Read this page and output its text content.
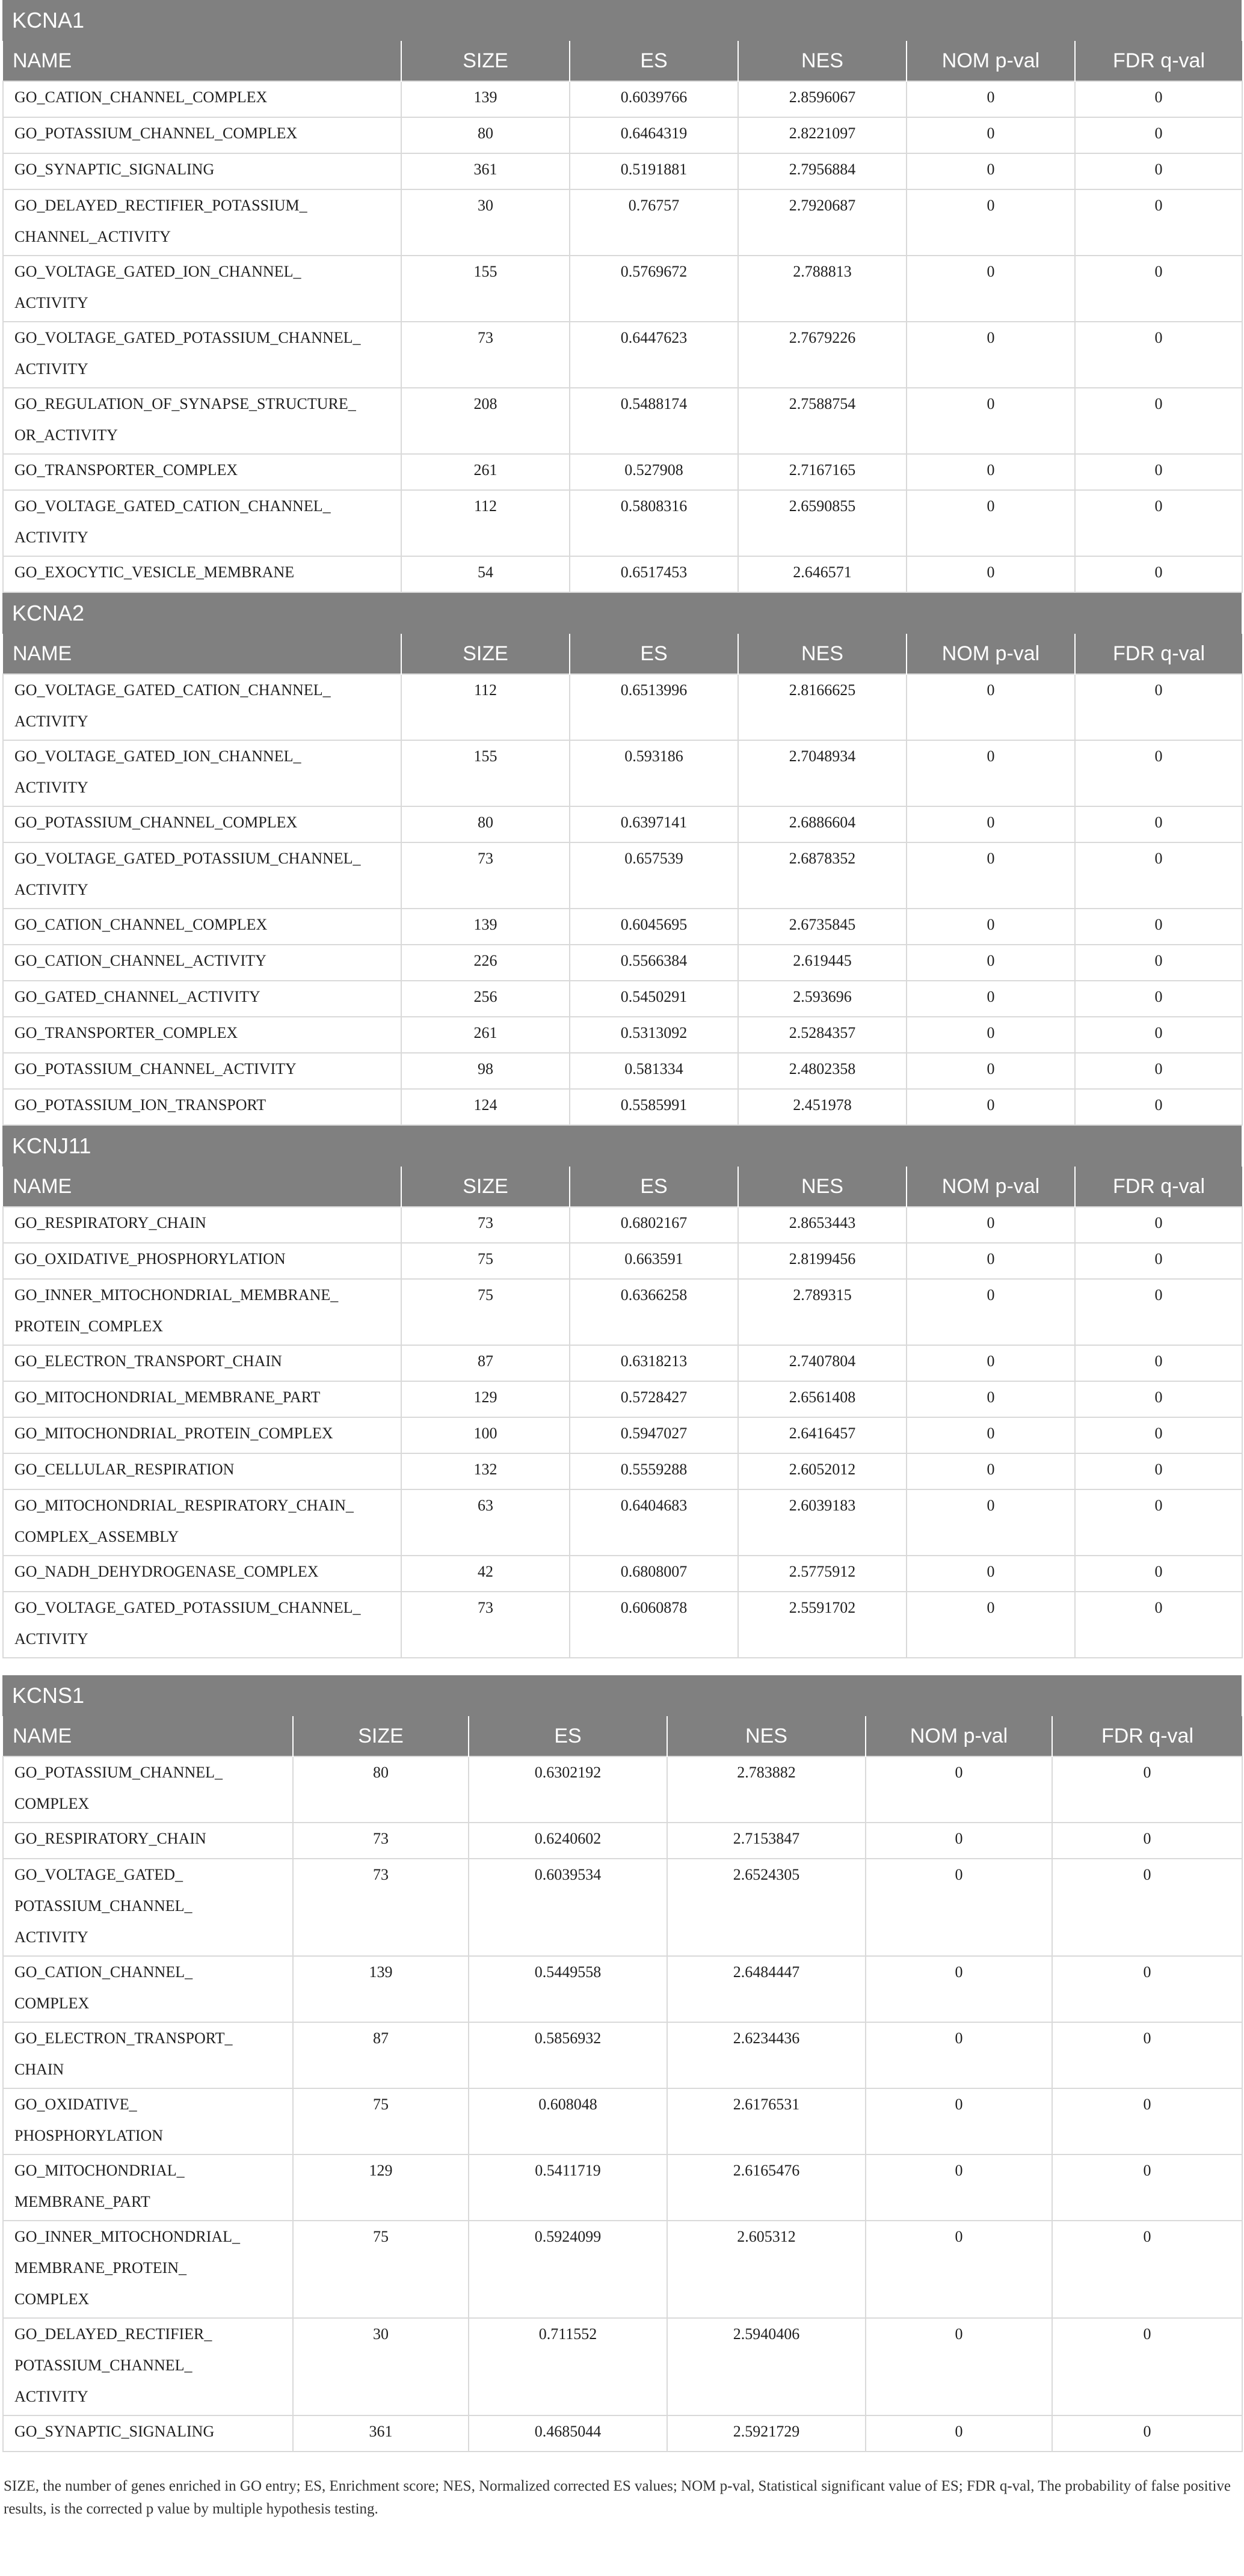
KCNA1
NAME	SIZE	ES	NES	NOM p-val	FDR q-val
GO_CATION_CHANNEL_COMPLEX	139	0.6039766	2.8596067	0	0
GO_POTASSIUM_CHANNEL_COMPLEX	80	0.6464319	2.8221097	0	0
GO_SYNAPTIC_SIGNALING	361	0.5191881	2.7956884	0	0
GO_DELAYED_RECTIFIER_POTASSIUM_
CHANNEL_ACTIVITY	30	0.76757	2.7920687	0	0
GO_VOLTAGE_GATED_ION_CHANNEL_
ACTIVITY	155	0.5769672	2.788813	0	0
GO_VOLTAGE_GATED_POTASSIUM_CHANNEL_
ACTIVITY	73	0.6447623	2.7679226	0	0
GO_REGULATION_OF_SYNAPSE_STRUCTURE_
OR_ACTIVITY	208	0.5488174	2.7588754	0	0
GO_TRANSPORTER_COMPLEX	261	0.527908	2.7167165	0	0
GO_VOLTAGE_GATED_CATION_CHANNEL_
ACTIVITY	112	0.5808316	2.6590855	0	0
GO_EXOCYTIC_VESICLE_MEMBRANE	54	0.6517453	2.646571	0	0
KCNA2
NAME	SIZE	ES	NES	NOM p-val	FDR q-val
GO_VOLTAGE_GATED_CATION_CHANNEL_
ACTIVITY	112	0.6513996	2.8166625	0	0
GO_VOLTAGE_GATED_ION_CHANNEL_
ACTIVITY	155	0.593186	2.7048934	0	0
GO_POTASSIUM_CHANNEL_COMPLEX	80	0.6397141	2.6886604	0	0
GO_VOLTAGE_GATED_POTASSIUM_CHANNEL_
ACTIVITY	73	0.657539	2.6878352	0	0
GO_CATION_CHANNEL_COMPLEX	139	0.6045695	2.6735845	0	0
GO_CATION_CHANNEL_ACTIVITY	226	0.5566384	2.619445	0	0
GO_GATED_CHANNEL_ACTIVITY	256	0.5450291	2.593696	0	0
GO_TRANSPORTER_COMPLEX	261	0.5313092	2.5284357	0	0
GO_POTASSIUM_CHANNEL_ACTIVITY	98	0.581334	2.4802358	0	0
GO_POTASSIUM_ION_TRANSPORT	124	0.5585991	2.451978	0	0
KCNJ11
NAME	SIZE	ES	NES	NOM p-val	FDR q-val
GO_RESPIRATORY_CHAIN	73	0.6802167	2.8653443	0	0
GO_OXIDATIVE_PHOSPHORYLATION	75	0.663591	2.8199456	0	0
GO_INNER_MITOCHONDRIAL_MEMBRANE_
PROTEIN_COMPLEX	75	0.6366258	2.789315	0	0
GO_ELECTRON_TRANSPORT_CHAIN	87	0.6318213	2.7407804	0	0
GO_MITOCHONDRIAL_MEMBRANE_PART	129	0.5728427	2.6561408	0	0
GO_MITOCHONDRIAL_PROTEIN_COMPLEX	100	0.5947027	2.6416457	0	0
GO_CELLULAR_RESPIRATION	132	0.5559288	2.6052012	0	0
GO_MITOCHONDRIAL_RESPIRATORY_CHAIN_
COMPLEX_ASSEMBLY	63	0.6404683	2.6039183	0	0
GO_NADH_DEHYDROGENASE_COMPLEX	42	0.6808007	2.5775912	0	0
GO_VOLTAGE_GATED_POTASSIUM_CHANNEL_
ACTIVITY	73	0.6060878	2.5591702	0	0
KCNS1
NAME	SIZE	ES	NES	NOM p-val	FDR q-val
GO_POTASSIUM_CHANNEL_
COMPLEX	80	0.6302192	2.783882	0	0
GO_RESPIRATORY_CHAIN	73	0.6240602	2.7153847	0	0
GO_VOLTAGE_GATED_
POTASSIUM_CHANNEL_
ACTIVITY	73	0.6039534	2.6524305	0	0
GO_CATION_CHANNEL_
COMPLEX	139	0.5449558	2.6484447	0	0
GO_ELECTRON_TRANSPORT_
CHAIN	87	0.5856932	2.6234436	0	0
GO_OXIDATIVE_
PHOSPHORYLATION	75	0.608048	2.6176531	0	0
GO_MITOCHONDRIAL_
MEMBRANE_PART	129	0.5411719	2.6165476	0	0
GO_INNER_MITOCHONDRIAL_
MEMBRANE_PROTEIN_
COMPLEX	75	0.5924099	2.605312	0	0
GO_DELAYED_RECTIFIER_
POTASSIUM_CHANNEL_
ACTIVITY	30	0.711552	2.5940406	0	0
GO_SYNAPTIC_SIGNALING	361	0.4685044	2.5921729	0	0
SIZE, the number of genes enriched in GO entry; ES, Enrichment score; NES, Normalized corrected ES values; NOM p-val, Statistical significant value of ES; FDR q-val, The probability of false positive results, is the corrected p value by multiple hypothesis testing.
